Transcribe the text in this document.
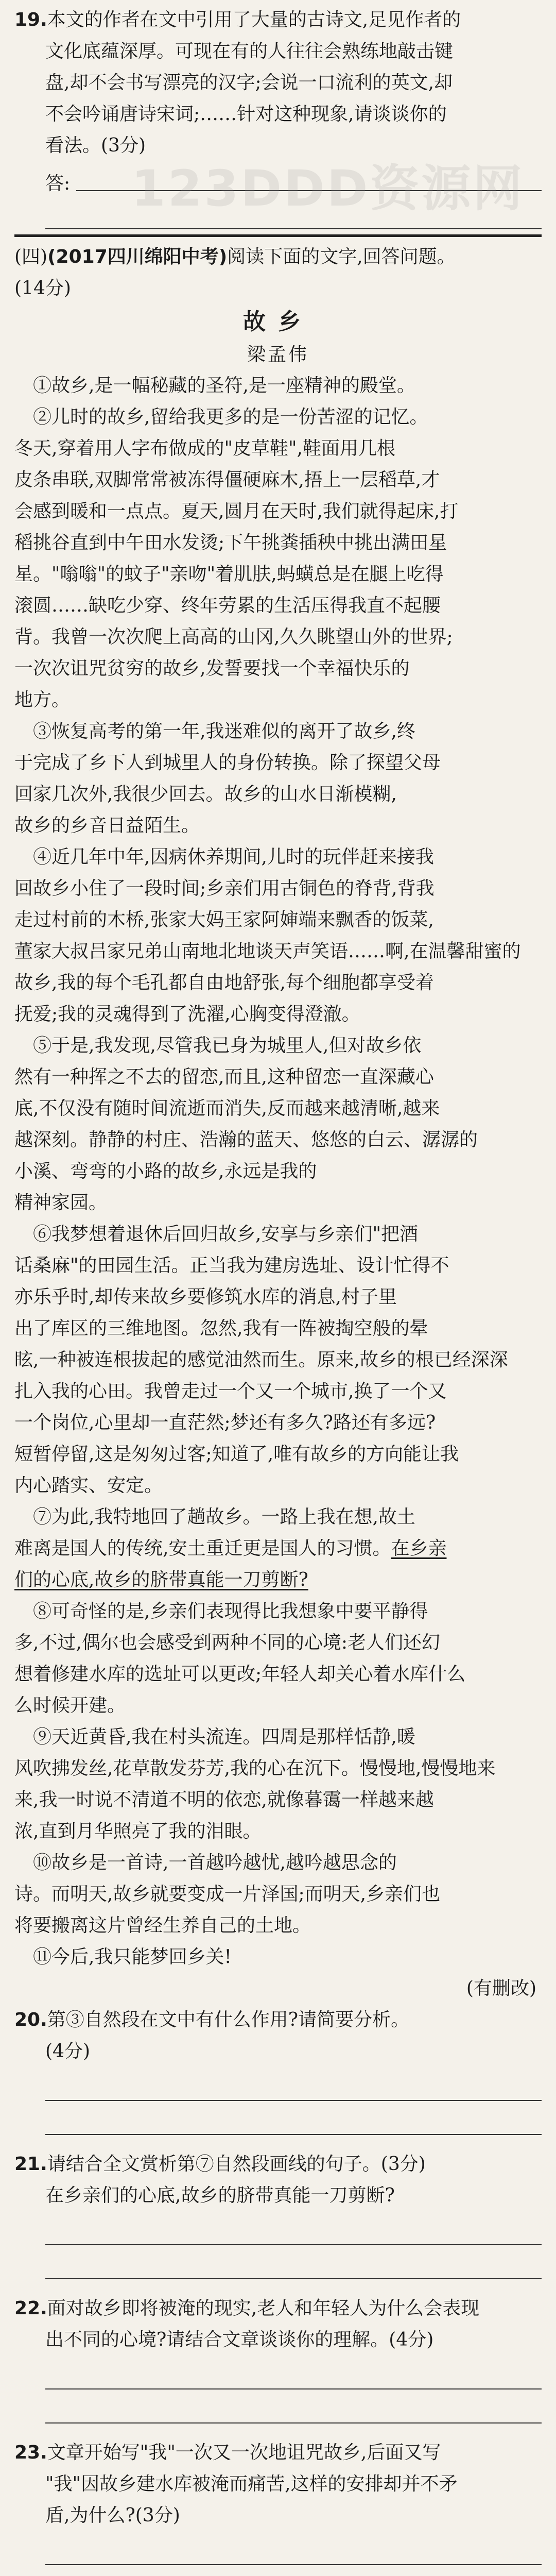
123DDD资源网
19.本文的作者在文中引用了大量的古诗文,足见作者的
文化底蕴深厚。可现在有的人往往会熟练地敲击键
盘,却不会书写漂亮的汉字;会说一口流利的英文,却
不会吟诵唐诗宋词;……针对这种现象,请谈谈你的
看法。(3分)
答:
(四)(2017四川绵阳中考)阅读下面的文字,回答问题。
(14分)
故乡
梁孟伟
①故乡,是一幅秘藏的圣符,是一座精神的殿堂。
②儿时的故乡,留给我更多的是一份苦涩的记忆。
冬天,穿着用人字布做成的"皮草鞋",鞋面用几根
皮条串联,双脚常常被冻得僵硬麻木,捂上一层稻草,才
会感到暖和一点点。夏天,圆月在天时,我们就得起床,打
稻挑谷直到中午田水发烫;下午挑粪插秧中挑出满田星
星。"嗡嗡"的蚊子"亲吻"着肌肤,蚂蟥总是在腿上吃得
滚圆……缺吃少穿、终年劳累的生活压得我直不起腰
背。我曾一次次爬上高高的山冈,久久眺望山外的世界;
一次次诅咒贫穷的故乡,发誓要找一个幸福快乐的
地方。
③恢复高考的第一年,我迷难似的离开了故乡,终
于完成了乡下人到城里人的身份转换。除了探望父母
回家几次外,我很少回去。故乡的山水日渐模糊,
故乡的乡音日益陌生。
④近几年中年,因病休养期间,儿时的玩伴赶来接我
回故乡小住了一段时间;乡亲们用古铜色的脊背,背我
走过村前的木桥,张家大妈王家阿婶端来飘香的饭菜,
董家大叔吕家兄弟山南地北地谈天声笑语……啊,在温馨甜蜜的
故乡,我的每个毛孔都自由地舒张,每个细胞都享受着
抚爱;我的灵魂得到了洗濯,心胸变得澄澈。
⑤于是,我发现,尽管我已身为城里人,但对故乡依
然有一种挥之不去的留恋,而且,这种留恋一直深藏心
底,不仅没有随时间流逝而消失,反而越来越清晰,越来
越深刻。静静的村庄、浩瀚的蓝天、悠悠的白云、潺潺的
小溪、弯弯的小路的故乡,永远是我的
精神家园。
⑥我梦想着退休后回归故乡,安享与乡亲们"把酒
话桑麻"的田园生活。正当我为建房选址、设计忙得不
亦乐乎时,却传来故乡要修筑水库的消息,村子里
出了库区的三维地图。忽然,我有一阵被掏空般的晕
眩,一种被连根拔起的感觉油然而生。原来,故乡的根已经深深
扎入我的心田。我曾走过一个又一个城市,换了一个又
一个岗位,心里却一直茫然;梦还有多久?路还有多远?
短暂停留,这是匆匆过客;知道了,唯有故乡的方向能让我
内心踏实、安定。
⑦为此,我特地回了趟故乡。一路上我在想,故土
难离是国人的传统,安土重迁更是国人的习惯。在乡亲
们的心底,故乡的脐带真能一刀剪断?
⑧可奇怪的是,乡亲们表现得比我想象中要平静得
多,不过,偶尔也会感受到两种不同的心境:老人们还幻
想着修建水库的选址可以更改;年轻人却关心着水库什么
么时候开建。
⑨天近黄昏,我在村头流连。四周是那样恬静,暖
风吹拂发丝,花草散发芬芳,我的心在沉下。慢慢地,慢慢地来
来,我一时说不清道不明的依恋,就像暮霭一样越来越
浓,直到月华照亮了我的泪眼。
⑩故乡是一首诗,一首越吟越忧,越吟越思念的
诗。而明天,故乡就要变成一片泽国;而明天,乡亲们也
将要搬离这片曾经生养自己的土地。
⑪今后,我只能梦回乡关!
(有删改)
20.第③自然段在文中有什么作用?请简要分析。
(4分)
21.请结合全文赏析第⑦自然段画线的句子。(3分)
在乡亲们的心底,故乡的脐带真能一刀剪断?
22.面对故乡即将被淹的现实,老人和年轻人为什么会表现
出不同的心境?请结合文章谈谈你的理解。(4分)
23.文章开始写"我"一次又一次地诅咒故乡,后面又写
"我"因故乡建水库被淹而痛苦,这样的安排却并不矛
盾,为什么?(3分)
